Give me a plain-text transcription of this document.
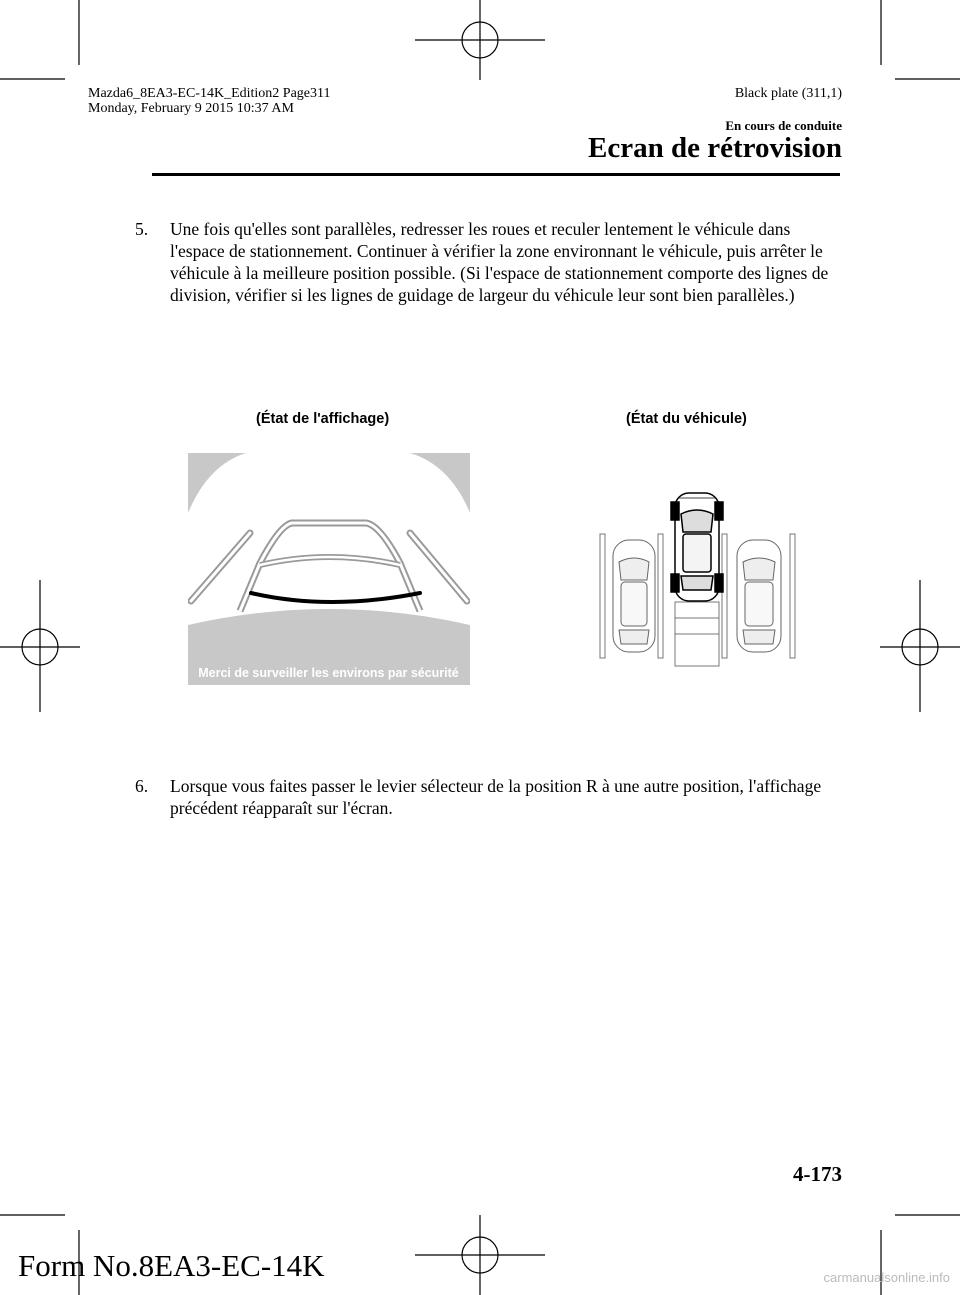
Mazda6_8EA3-EC-14K_Edition2 Page311
Monday, February 9 2015 10:37 AM
Black plate (311,1)
En cours de conduite
Ecran de rétrovision
5.	Une fois qu'elles sont parallèles, redresser les roues et reculer lentement le véhicule dans l'espace de stationnement. Continuer à vérifier la zone environnant le véhicule, puis arrêter le véhicule à la meilleure position possible. (Si l'espace de stationnement comporte des lignes de division, vérifier si les lignes de guidage de largeur du véhicule leur sont bien parallèles.)
(État de l'affichage)	(État du véhicule)
Merci de surveiller les environs par sécurité
6.	Lorsque vous faites passer le levier sélecteur de la position R à une autre position, l'affichage précédent réapparaît sur l'écran.
4-173
Form No.8EA3-EC-14K	carmanualsonline.info
